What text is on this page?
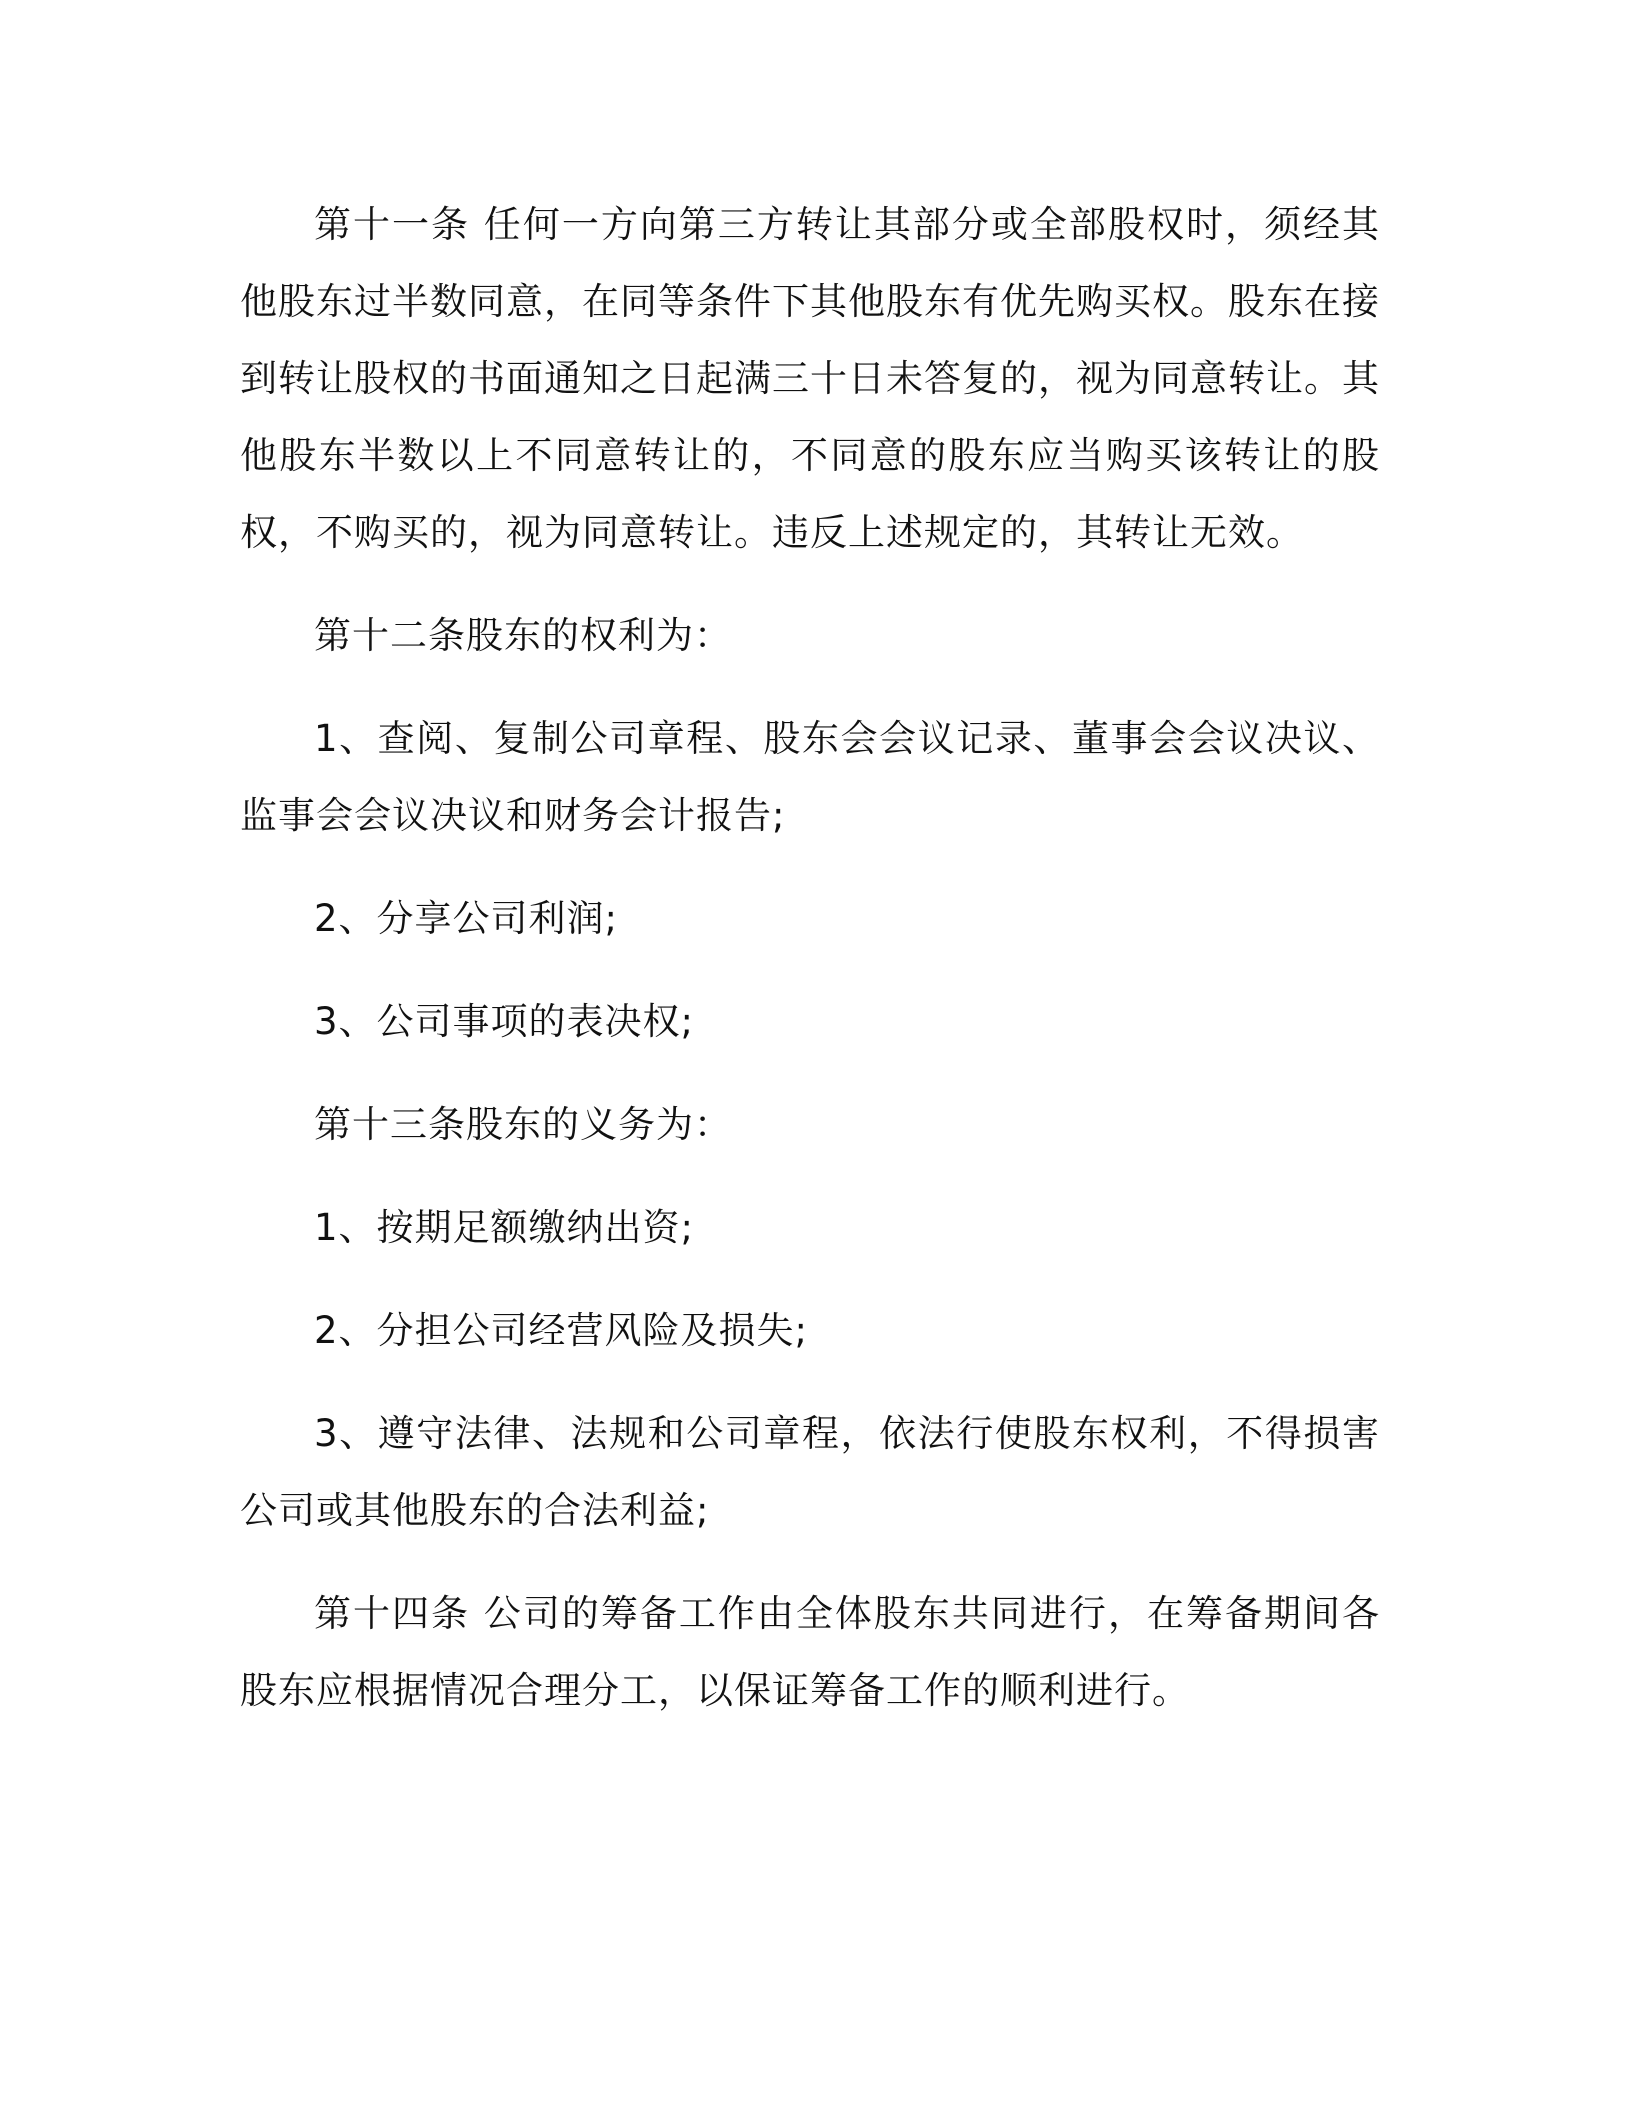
第十一条 任何一方向第三方转让其部分或全部股权时，须经其他股东过半数同意，在同等条件下其他股东有优先购买权。股东在接到转让股权的书面通知之日起满三十日未答复的，视为同意转让。其他股东半数以上不同意转让的，不同意的股东应当购买该转让的股权，不购买的，视为同意转让。违反上述规定的，其转让无效。

第十二条股东的权利为：

1、查阅、复制公司章程、股东会会议记录、董事会会议决议、监事会会议决议和财务会计报告;

2、分享公司利润;

3、公司事项的表决权;

第十三条股东的义务为：

1、按期足额缴纳出资;

2、分担公司经营风险及损失;

3、遵守法律、法规和公司章程，依法行使股东权利，不得损害公司或其他股东的合法利益;

第十四条 公司的筹备工作由全体股东共同进行，在筹备期间各股东应根据情况合理分工，以保证筹备工作的顺利进行。
